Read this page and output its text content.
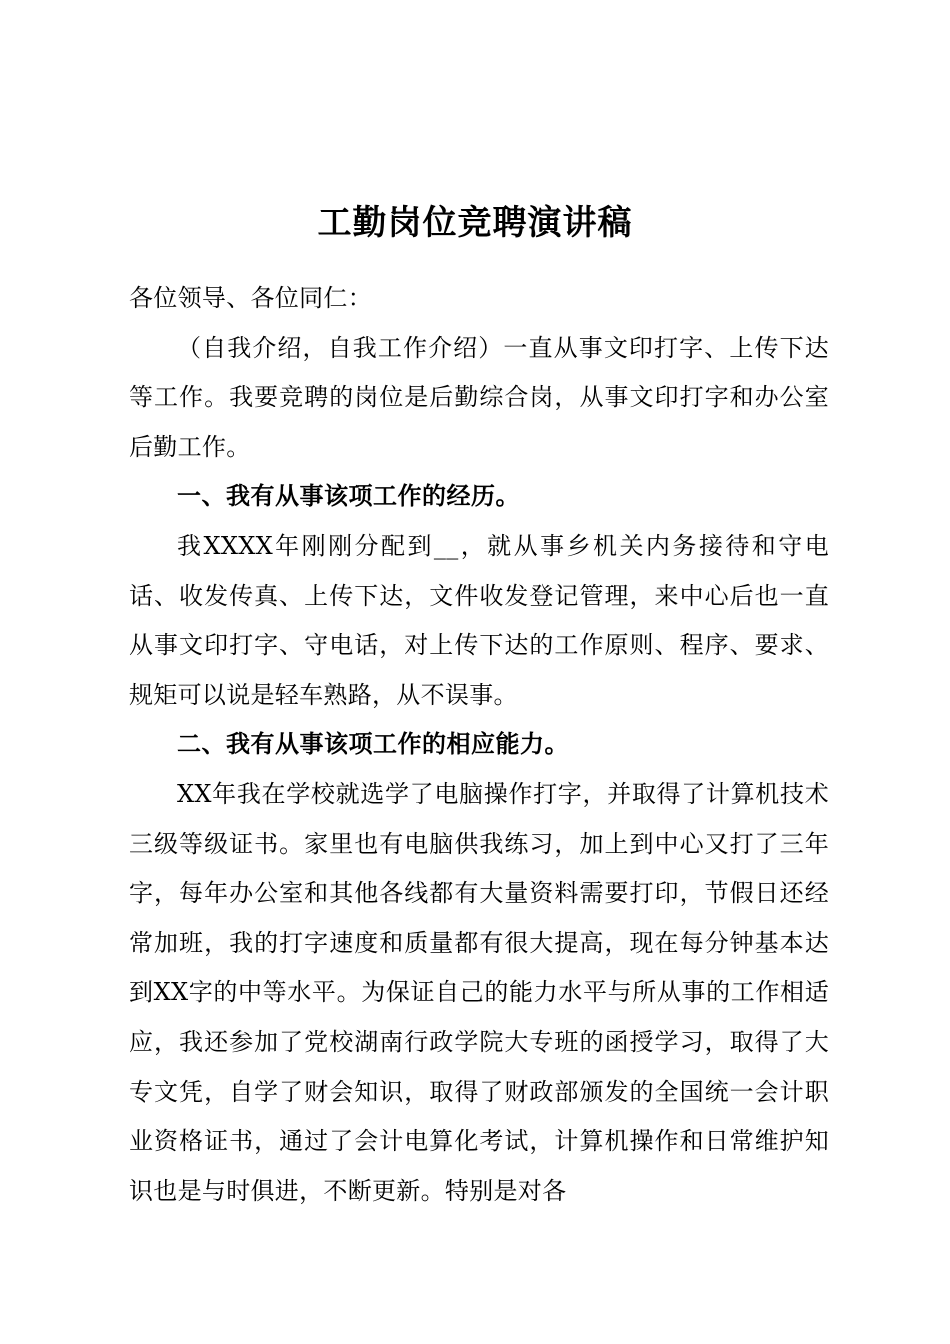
工勤岗位竞聘演讲稿

各位领导、各位同仁：

（自我介绍，自我工作介绍）一直从事文印打字、上传下达等工作。我要竞聘的岗位是后勤综合岗，从事文印打字和办公室后勤工作。

一、我有从事该项工作的经历。

我XXXX年刚刚分配到__，就从事乡机关内务接待和守电话、收发传真、上传下达，文件收发登记管理，来中心后也一直从事文印打字、守电话，对上传下达的工作原则、程序、要求、规矩可以说是轻车熟路，从不误事。

二、我有从事该项工作的相应能力。

XX年我在学校就选学了电脑操作打字，并取得了计算机技术三级等级证书。家里也有电脑供我练习，加上到中心又打了三年字，每年办公室和其他各线都有大量资料需要打印，节假日还经常加班，我的打字速度和质量都有很大提高，现在每分钟基本达到XX字的中等水平。为保证自己的能力水平与所从事的工作相适应，我还参加了党校湖南行政学院大专班的函授学习，取得了大专文凭，自学了财会知识，取得了财政部颁发的全国统一会计职业资格证书，通过了会计电算化考试，计算机操作和日常维护知识也是与时俱进，不断更新。特别是对各
